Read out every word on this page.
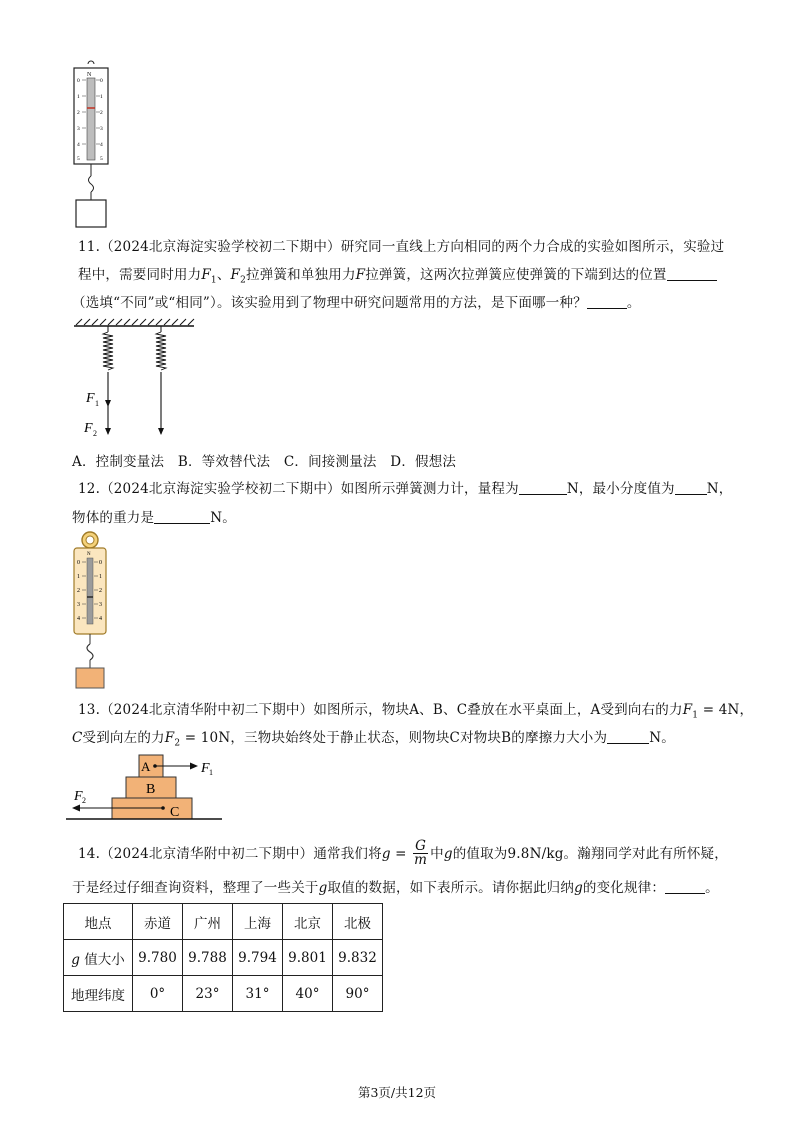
N
0	0
1	1
2	2
3	3
4	4
5	5
11.（2024北京海淀实验学校初二下期中）研究同一直线上方向相同的两个力合成的实验如图所示，实验过
程中，需要同时用力$F_1$、$F_2$拉弹簧和单独用力F拉弹簧，这两次拉弹簧应使弹簧的下端到达的位置
（选填“不同”或“相同”）。该实验用到了物理中研究问题常用的方法，是下面哪一种？	。
F 1
F 2
A．控制变量法　B．等效替代法　C．间接测量法　D．假想法
12.（2024北京海淀实验学校初二下期中）如图所示弹簧测力计，量程为	N，最小分度值为 N，
物体的重力是	N。
N
0	0
1	1
2	2
3	3
4	4
13.（2024北京清华附中初二下期中）如图所示，物块A、B、C叠放在水平桌面上，A受到向右的力$F_1 = 4N$，
C受到向左的力$F_2 = 10N$，三物块始终处于静止状态，则物块C对物块B的摩擦力大小为	N。
A	F 1
B
C
F 2
14.（2024北京清华附中初二下期中）通常我们将$g = \frac{G}{m}$ 中g的值取为9.8N/kg。瀚翔同学对此有所怀疑，
于是经过仔细查询资料，整理了一些关于g取值的数据，如下表所示。请你据此归纳g的变化规律：	。
地点	赤道	广州	上海	北京	北极
g 值大小	9.780	9.788	9.794	9.801	9.832
地理纬度	0°	23°	31°	40°	90°
第3页/共12页
